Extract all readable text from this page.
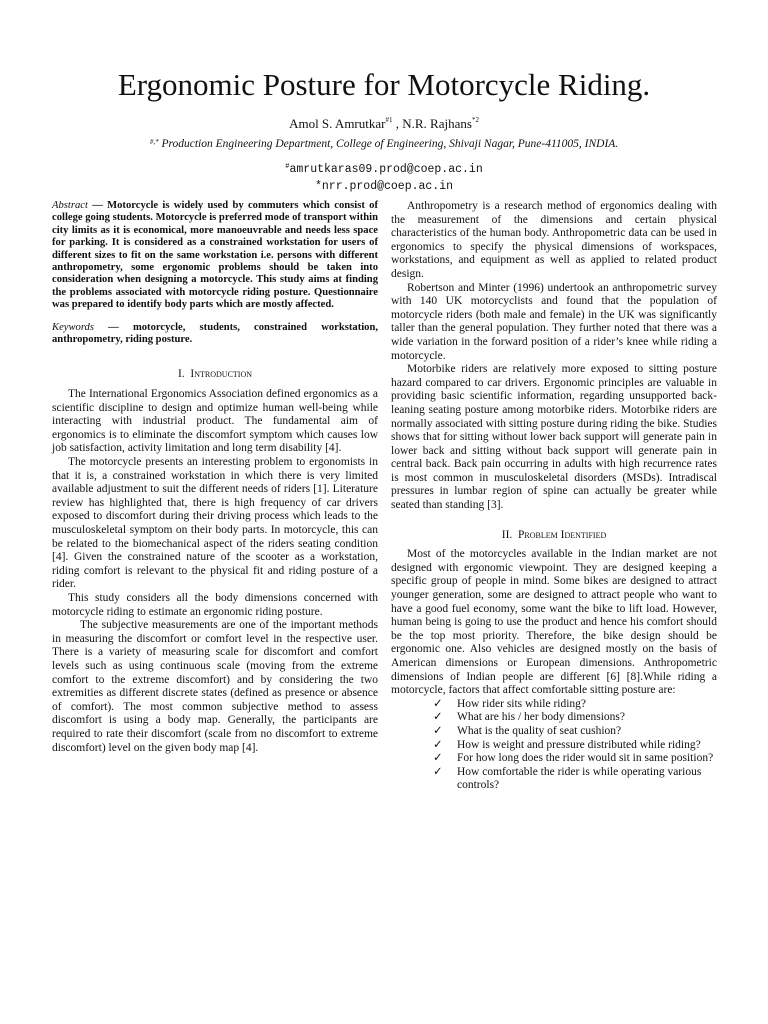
Ergonomic Posture for Motorcycle Riding.
Amol S. Amrutkar$^{\#1}$ , N.R. Rajhans$^{*2}$
#,* Production Engineering Department, College of Engineering, Shivaji Nagar, Pune-411005, INDIA.
#amrutkaras09.prod@coep.ac.in
*nrr.prod@coep.ac.in

Abstract — Motorcycle is widely used by commuters which consist of college going students. Motorcycle is preferred mode of transport within city limits as it is economical, more manoeuvrable and needs less space for parking. It is considered as a constrained workstation for users of different sizes to fit on the same workstation i.e. persons with different anthropometry, some ergonomic problems should be taken into consideration when designing a motorcycle. This study aims at finding the problems associated with motorcycle riding posture. Questionnaire was prepared to identify body parts which are mostly affected.

Keywords — motorcycle, students, constrained workstation, anthropometry, riding posture.

I. Introduction

The International Ergonomics Association defined ergonomics as a scientific discipline to design and optimize human well-being while interacting with industrial product. The fundamental aim of ergonomics is to eliminate the discomfort symptom which causes low job satisfaction, activity limitation and long term disability [4].

The motorcycle presents an interesting problem to ergonomists in that it is, a constrained workstation in which there is very limited available adjustment to suit the different needs of riders [1]. Literature review has highlighted that, there is high frequency of car drivers exposed to discomfort during their driving process which leads to the musculoskeletal symptom on their body parts. In motorcycle, this can be related to the biomechanical aspect of the riders seating condition [4]. Given the constrained nature of the scooter as a workstation, riding comfort is relevant to the physical fit and riding posture of a rider.

This study considers all the body dimensions concerned with motorcycle riding to estimate an ergonomic riding posture.

The subjective measurements are one of the important methods in measuring the discomfort or comfort level in the respective user. There is a variety of measuring scale for discomfort and comfort levels such as using continuous scale (moving from the extreme comfort to the extreme discomfort) and by considering the two extremities as different discrete states (defined as presence or absence of comfort). The most common subjective method to assess discomfort is using a body map. Generally, the participants are required to rate their discomfort (scale from no discomfort to extreme discomfort) level on the given body map [4].

Anthropometry is a research method of ergonomics dealing with the measurement of the dimensions and certain physical characteristics of the human body. Anthropometric data can be used in ergonomics to specify the physical dimensions of workspaces, workstations, and equipment as well as applied to related product design.

Robertson and Minter (1996) undertook an anthropometric survey with 140 UK motorcyclists and found that the population of motorcycle riders (both male and female) in the UK was significantly taller than the general population. They further noted that there was a wide variation in the forward position of a rider’s knee while riding a motorcycle.

Motorbike riders are relatively more exposed to sitting posture hazard compared to car drivers. Ergonomic principles are valuable in providing basic scientific information, regarding unsupported back-leaning seating posture among motorbike riders. Motorbike riders are normally associated with sitting posture during riding the bike. Studies shows that for sitting without lower back support will generate pain in lower back and sitting without back support will generate pain in central back. Back pain occurring in adults with high recurrence rates is most common in musculoskeletal disorders (MSDs). Intradiscal pressures in lumbar region of spine can actually be greater while seated than standing [3].

II. Problem Identified

Most of the motorcycles available in the Indian market are not designed with ergonomic viewpoint. They are designed keeping a specific group of people in mind. Some bikes are designed to attract younger generation, some are designed to attract people who want to have a good fuel economy, some want the bike to lift load. However, human being is going to use the product and hence his comfort should be the top most priority. Therefore, the bike design should be ergonomic one. Also vehicles are designed mostly on the basis of American dimensions or European dimensions. Anthropometric dimensions of Indian people are different [6] [8].While riding a motorcycle, factors that affect comfortable sitting posture are:

✓	How rider sits while riding?
✓	What are his / her body dimensions?
✓	What is the quality of seat cushion?
✓	How is weight and pressure distributed while riding?
✓	For how long does the rider would sit in same position?
✓	How comfortable the rider is while operating various controls?
